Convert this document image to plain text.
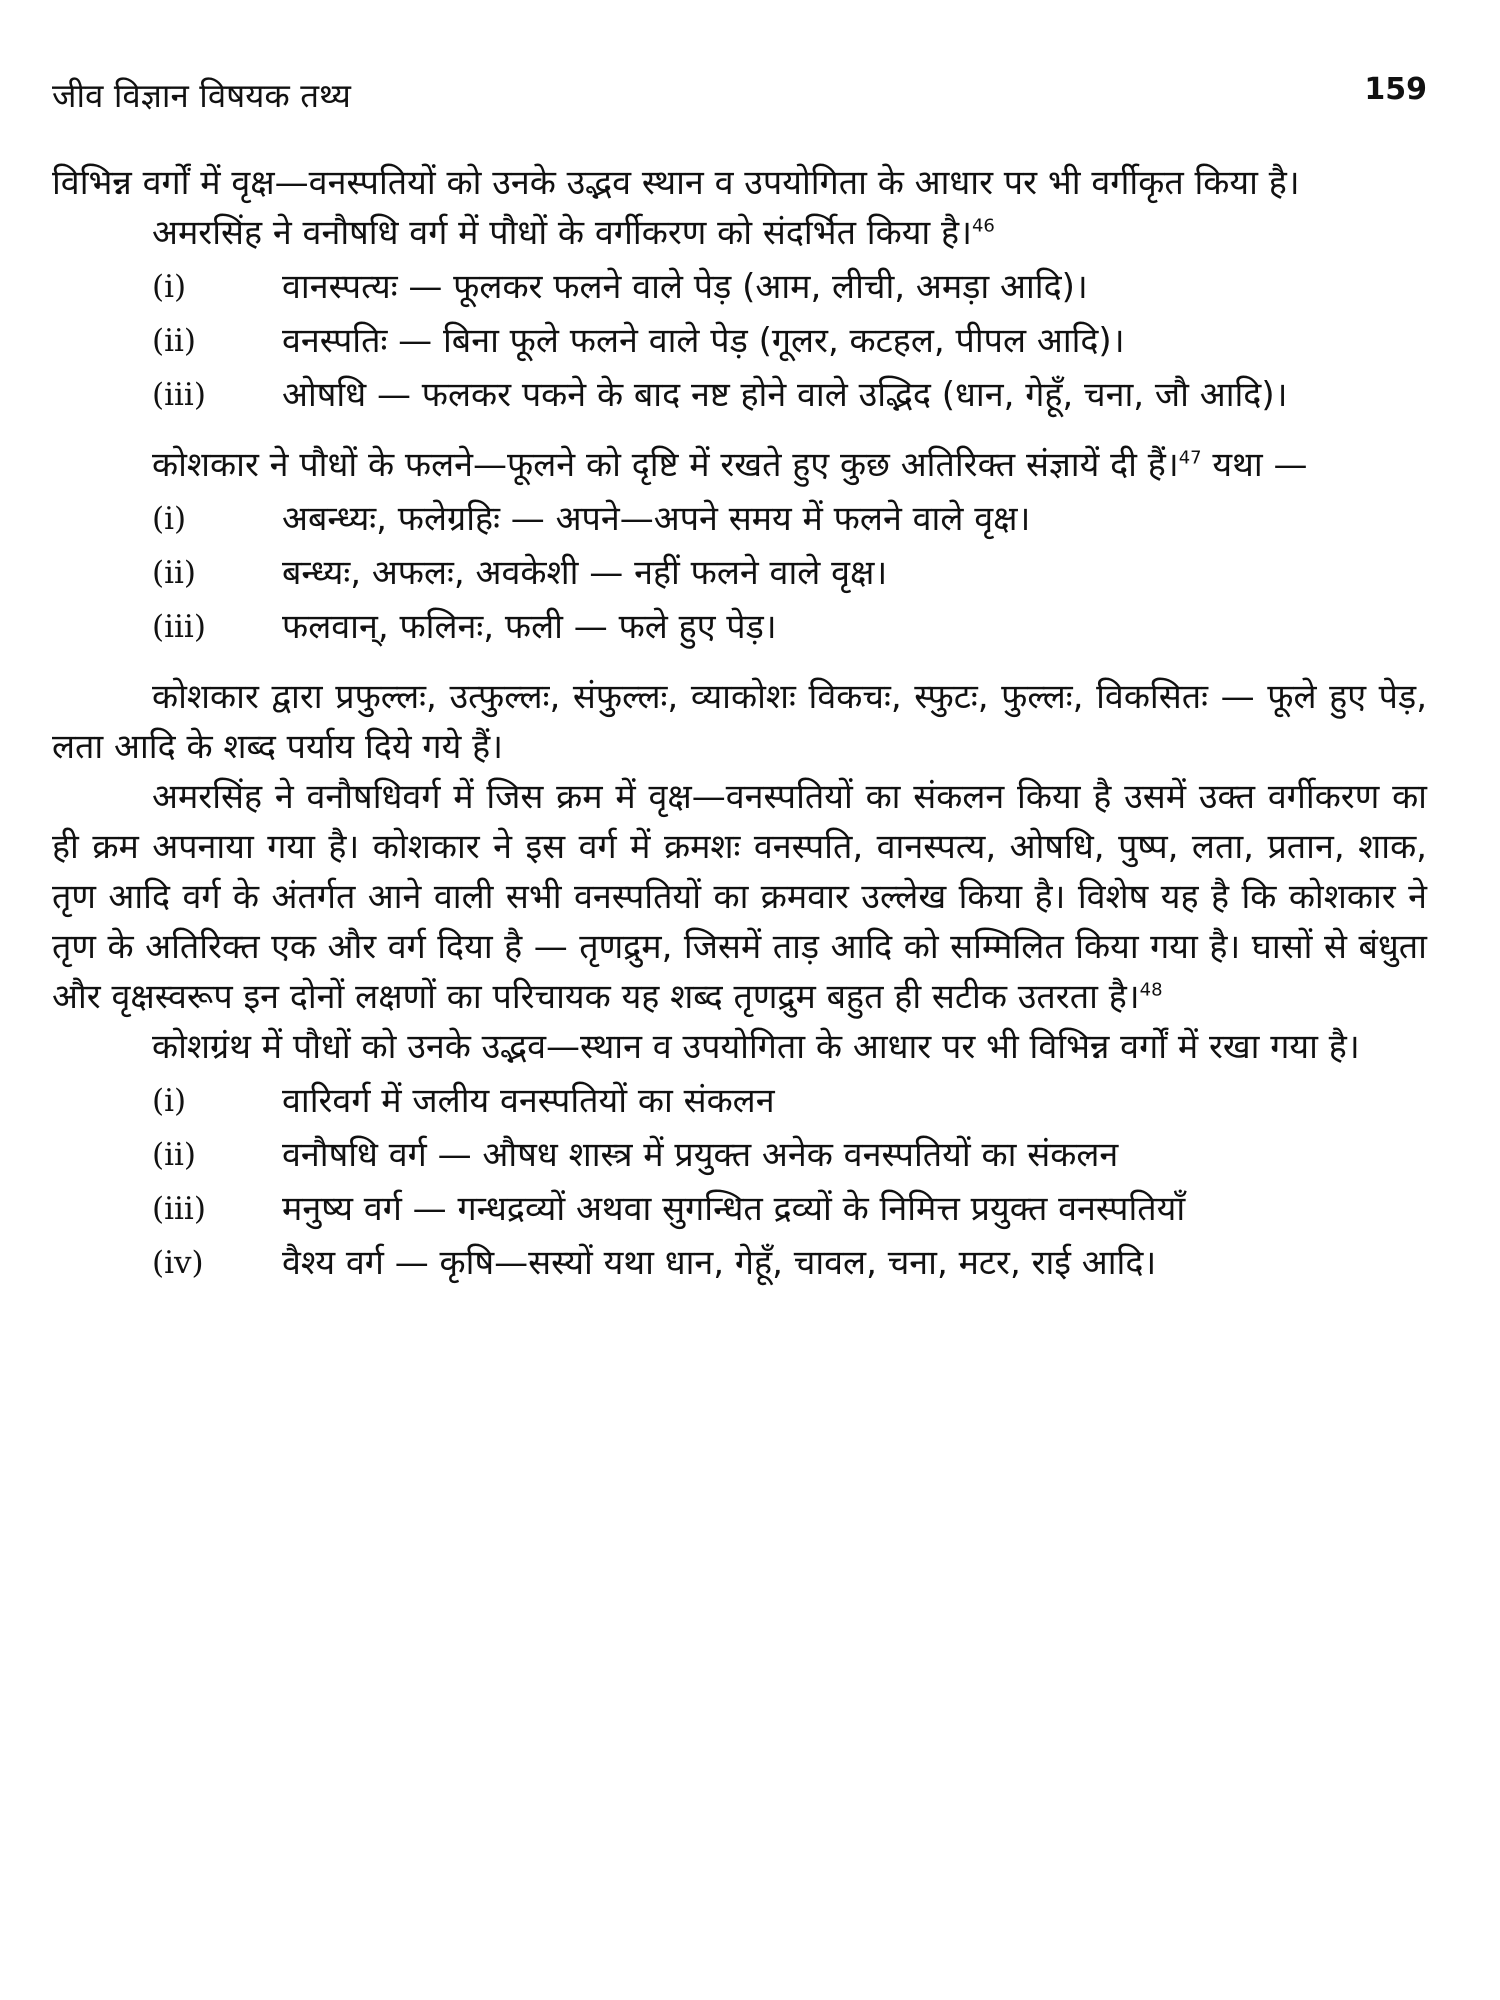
जीव विज्ञान विषयक तथ्य	159

विभिन्न वर्गों में वृक्ष—वनस्पतियों को उनके उद्भव स्थान व उपयोगिता के आधार पर भी वर्गीकृत किया है।

अमरसिंह ने वनौषधि वर्ग में पौधों के वर्गीकरण को संदर्भित किया है।$^{46}$

(i)	वानस्पत्यः — फूलकर फलने वाले पेड़ (आम, लीची, अमड़ा आदि)।
(ii)	वनस्पतिः — बिना फूले फलने वाले पेड़ (गूलर, कटहल, पीपल आदि)।
(iii)	ओषधि — फलकर पकने के बाद नष्ट होने वाले उद्भिद (धान, गेहूँ, चना, जौ आदि)।

कोशकार ने पौधों के फलने—फूलने को दृष्टि में रखते हुए कुछ अतिरिक्त संज्ञायें दी हैं।$^{47}$ यथा —

(i)	अबन्ध्यः, फलेग्रहिः — अपने—अपने समय में फलने वाले वृक्ष।
(ii)	बन्ध्यः, अफलः, अवकेशी — नहीं फलने वाले वृक्ष।
(iii)	फलवान्, फलिनः, फली — फले हुए पेड़।

कोशकार द्वारा प्रफुल्लः, उत्फुल्लः, संफुल्लः, व्याकोशः विकचः, स्फुटः, फुल्लः, विकसितः — फूले हुए पेड़, लता आदि के शब्द पर्याय दिये गये हैं।

अमरसिंह ने वनौषधिवर्ग में जिस क्रम में वृक्ष—वनस्पतियों का संकलन किया है उसमें उक्त वर्गीकरण का ही क्रम अपनाया गया है। कोशकार ने इस वर्ग में क्रमशः वनस्पति, वानस्पत्य, ओषधि, पुष्प, लता, प्रतान, शाक, तृण आदि वर्ग के अंतर्गत आने वाली सभी वनस्पतियों का क्रमवार उल्लेख किया है। विशेष यह है कि कोशकार ने तृण के अतिरिक्त एक और वर्ग दिया है — तृणद्रुम, जिसमें ताड़ आदि को सम्मिलित किया गया है। घासों से बंधुता और वृक्षस्वरूप इन दोनों लक्षणों का परिचायक यह शब्द तृणद्रुम बहुत ही सटीक उतरता है।$^{48}$

कोशग्रंथ में पौधों को उनके उद्भव—स्थान व उपयोगिता के आधार पर भी विभिन्न वर्गों में रखा गया है।

(i)	वारिवर्ग में जलीय वनस्पतियों का संकलन
(ii)	वनौषधि वर्ग — औषध शास्त्र में प्रयुक्त अनेक वनस्पतियों का संकलन
(iii)	मनुष्य वर्ग — गन्धद्रव्यों अथवा सुगन्धित द्रव्यों के निमित्त प्रयुक्त वनस्पतियाँ
(iv)	वैश्य वर्ग — कृषि—सस्यों यथा धान, गेहूँ, चावल, चना, मटर, राई आदि।
